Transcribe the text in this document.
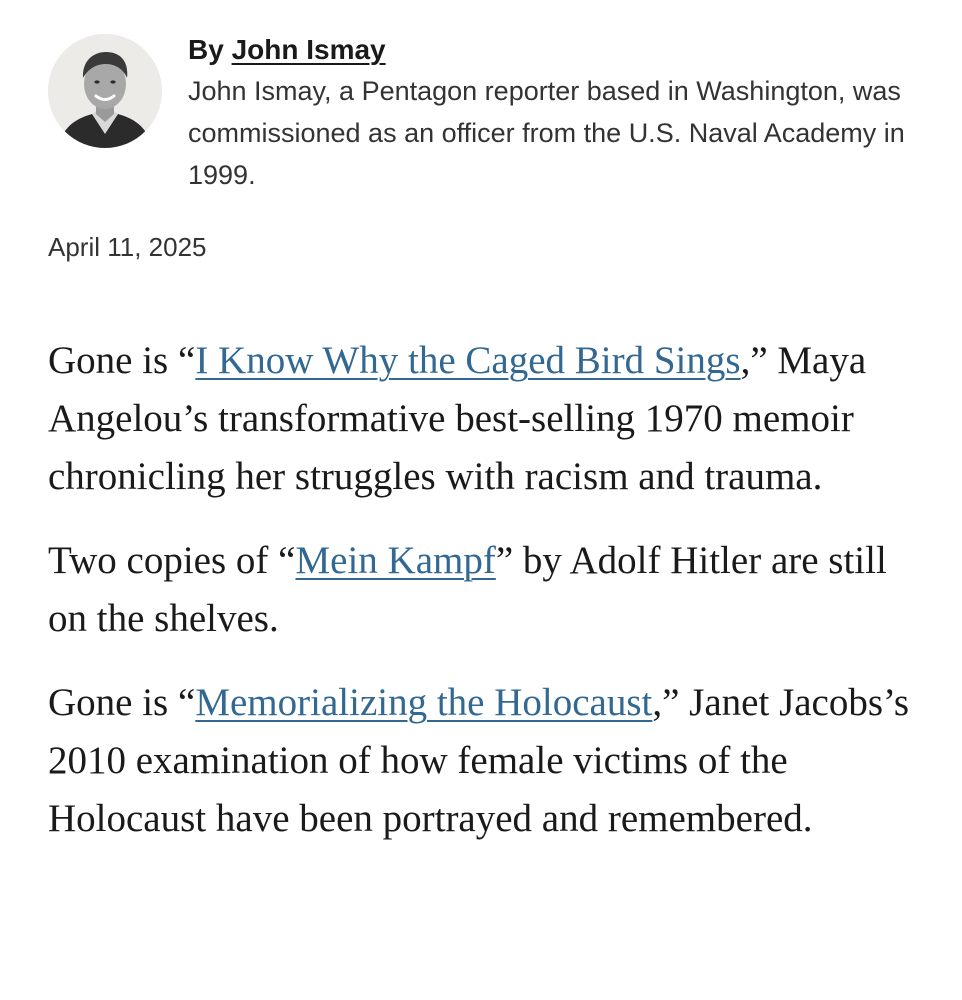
By John Ismay
John Ismay, a Pentagon reporter based in Washington, was commissioned as an officer from the U.S. Naval Academy in 1999.
April 11, 2025

Gone is “I Know Why the Caged Bird Sings,” Maya Angelou’s transformative best-selling 1970 memoir chronicling her struggles with racism and trauma.

Two copies of “Mein Kampf” by Adolf Hitler are still on the shelves.

Gone is “Memorializing the Holocaust,” Janet Jacobs’s 2010 examination of how female victims of the Holocaust have been portrayed and remembered.
